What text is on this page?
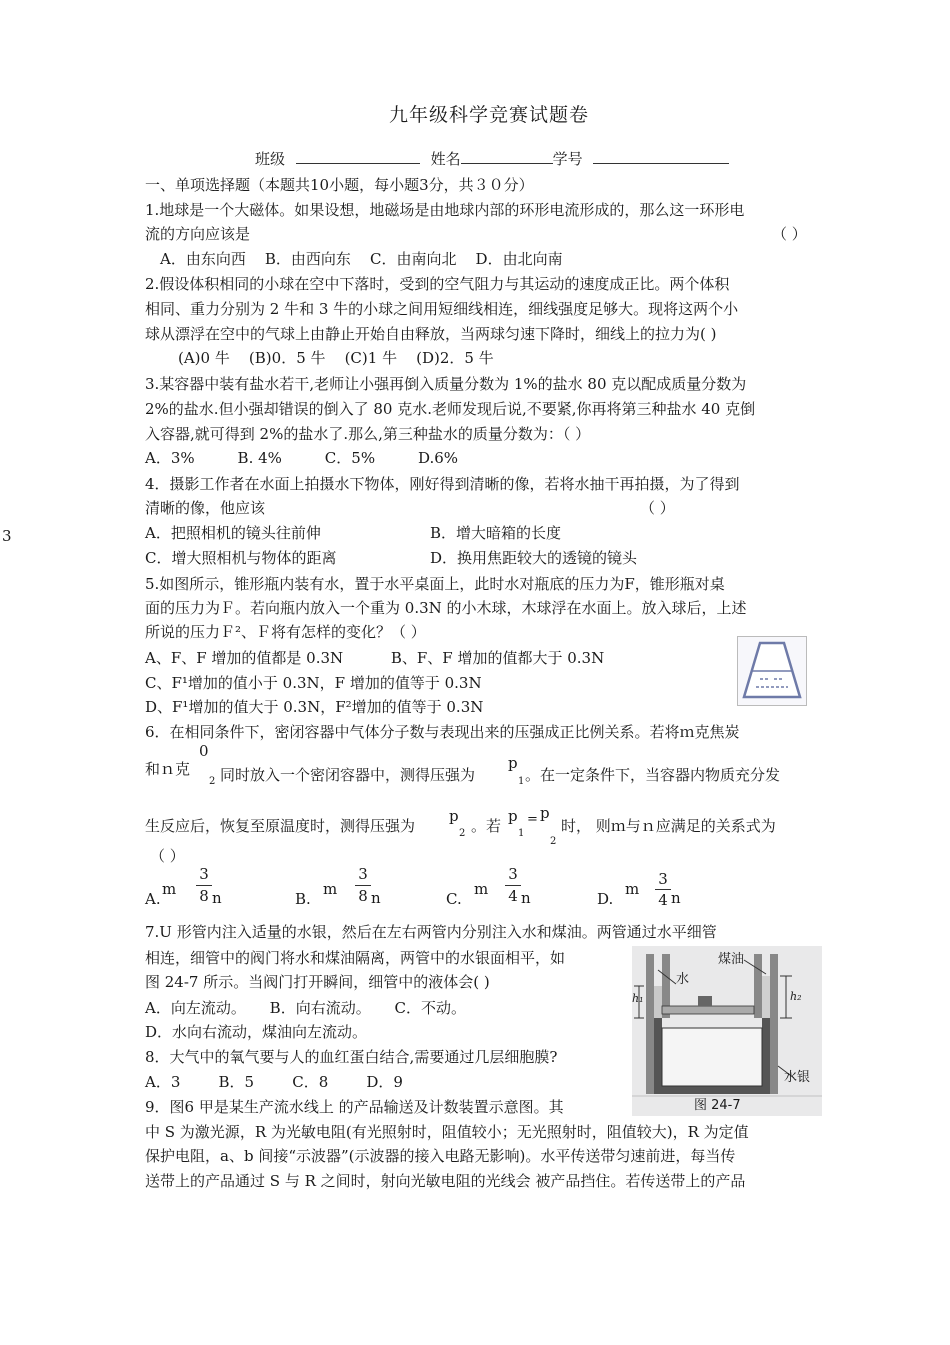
3
九年级科学竞赛试题卷
班级	姓名	学号
一、单项选择题（本题共10小题，每小题3分，共３０分）
1.地球是一个大磁体。如果设想，地磁场是由地球内部的环形电流形成的，那么这一环形电
流的方向应该是	（ ）
A．由东向西    B．由西向东    C．由南向北    D．由北向南
2.假设体积相同的小球在空中下落时，受到的空气阻力与其运动的速度成正比。两个体积
相同、重力分别为 2 牛和 3 牛的小球之间用短细线相连，细线强度足够大。现将这两个小
球从漂浮在空中的气球上由静止开始自由释放，当两球匀速下降时，细线上的拉力为( )
(A)0 牛    (B)0．5 牛    (C)1 牛    (D)2．5 牛
3.某容器中装有盐水若干,老师让小强再倒入质量分数为 1%的盐水 80 克以配成质量分数为
2%的盐水.但小强却错误的倒入了 80 克水.老师发现后说,不要紧,你再将第三种盐水 40 克倒
入容器,就可得到 2%的盐水了.那么,第三种盐水的质量分数为：（ ）
A．3%         B. 4%         C．5%         D.6%
4．摄影工作者在水面上拍摄水下物体，刚好得到清晰的像，若将水抽干再拍摄，为了得到
清晰的像，他应该	（ ）
A．把照相机的镜头往前伸	B．增大暗箱的长度
C．增大照相机与物体的距离	D．换用焦距较大的透镜的镜头
5.如图所示，锥形瓶内装有水，置于水平桌面上，此时水对瓶底的压力为F，锥形瓶对桌
面的压力为Ｆ。若向瓶内放入一个重为 0.3N 的小木球，木球浮在水面上。放入球后，上述
所说的压力Ｆ²、Ｆ将有怎样的变化？（ ）
A、F、F 增加的值都是 0.3N          B、F、F 增加的值都大于 0.3N
C、F¹增加的值小于 0.3N，F 增加的值等于 0.3N
D、F¹增加的值大于 0.3N，F²增加的值等于 0.3N
6．在相同条件下，密闭容器中气体分子数与表现出来的压强成正比例关系。若将ｍ克焦炭
和ｎ克
0
2 同时放入一个密闭容器中，测得压强为
p
1 。在一定条件下，当容器内物质充分发
生反应后，恢复至原温度时，测得压强为
p
2 。若
p
1
= p
2
时， 则ｍ与ｎ应满足的关系式为
（ ）
A.
m
3
8 n	B.
m
3
8 n	C.
m
3
4 n	D.
m
3
4 n
7.U 形管内注入适量的水银，然后在左右两管内分别注入水和煤油。两管通过水平细管
相连，细管中的阀门将水和煤油隔离，两管中的水银面相平，如
图 24-7 所示。当阀门打开瞬间，细管中的液体会( )
A．向左流动。     B．向右流动。     C．不动。
D．水向右流动，煤油向左流动。
水
煤油
水银
h₁	h₂
图 24-7
8．大气中的氧气要与人的血红蛋白结合,需要通过几层细胞膜?
A．3        B．5        C．8        D．9
9．图6 甲是某生产流水线上 的产品输送及计数装置示意图。其
中 S 为激光源，R 为光敏电阻(有光照射时，阻值较小；无光照射时，阻值较大)，R 为定值
保护电阻，a、b 间接“示波器”(示波器的接入电路无影响)。水平传送带匀速前进，每当传
送带上的产品通过 S 与 R 之间时，射向光敏电阻的光线会 被产品挡住。若传送带上的产品
